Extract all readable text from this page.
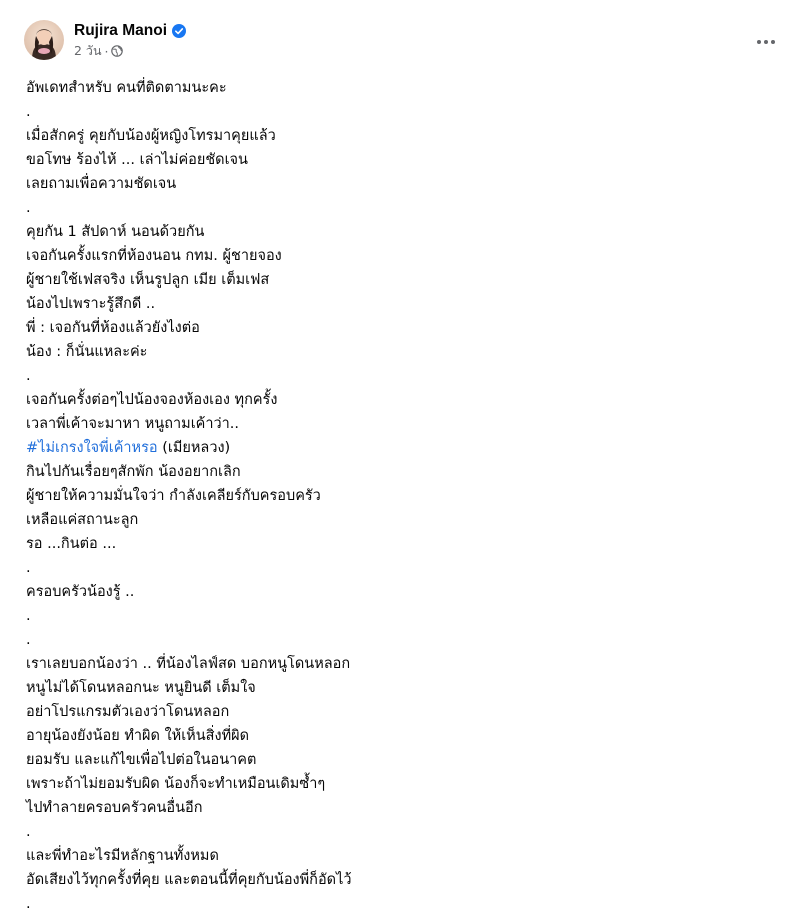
Rujira Manoi
2 วัน ·
อัพเดทสำหรับ คนที่ติดตามนะคะ
.
เมื่อสักครู่ คุยกับน้องผู้หญิงโทรมาคุยแล้ว
ขอโทษ ร้องไห้ ... เล่าไม่ค่อยชัดเจน
เลยถามเพื่อความชัดเจน
.
คุยกัน 1 สัปดาห์ นอนด้วยกัน
เจอกันครั้งแรกที่ห้องนอน กทม. ผู้ชายจอง
ผู้ชายใช้เฟสจริง เห็นรูปลูก เมีย เต็มเฟส
น้องไปเพราะรู้สึกดี ..
พี่ : เจอกันที่ห้องแล้วยังไงต่อ
น้อง : ก็นั่นแหละค่ะ
.
เจอกันครั้งต่อๆไปน้องจองห้องเอง ทุกครั้ง
เวลาพี่เค้าจะมาหา หนูถามเค้าว่า..
#ไม่เกรงใจพี่เค้าหรอ (เมียหลวง)
กินไปกันเรื่อยๆสักพัก น้องอยากเลิก
ผู้ชายให้ความมั่นใจว่า กำลังเคลียร์กับครอบครัว
เหลือแค่สถานะลูก
รอ ...กินต่อ ...
.
ครอบครัวน้องรู้ ..
.
.
เราเลยบอกน้องว่า .. ที่น้องไลฟ์สด บอกหนูโดนหลอก
หนูไม่ได้โดนหลอกนะ หนูยินดี เต็มใจ
อย่าโปรแกรมตัวเองว่าโดนหลอก
อายุน้องยังน้อย ทำผิด ให้เห็นสิ่งที่ผิด
ยอมรับ และแก้ไขเพื่อไปต่อในอนาคต
เพราะถ้าไม่ยอมรับผิด น้องก็จะทำเหมือนเดิมซ้ำๆ
ไปทำลายครอบครัวคนอื่นอีก
.
และพี่ทำอะไรมีหลักฐานทั้งหมด
อัดเสียงไว้ทุกครั้งที่คุย และตอนนี้ที่คุยกับน้องพี่ก็อัดไว้
.
